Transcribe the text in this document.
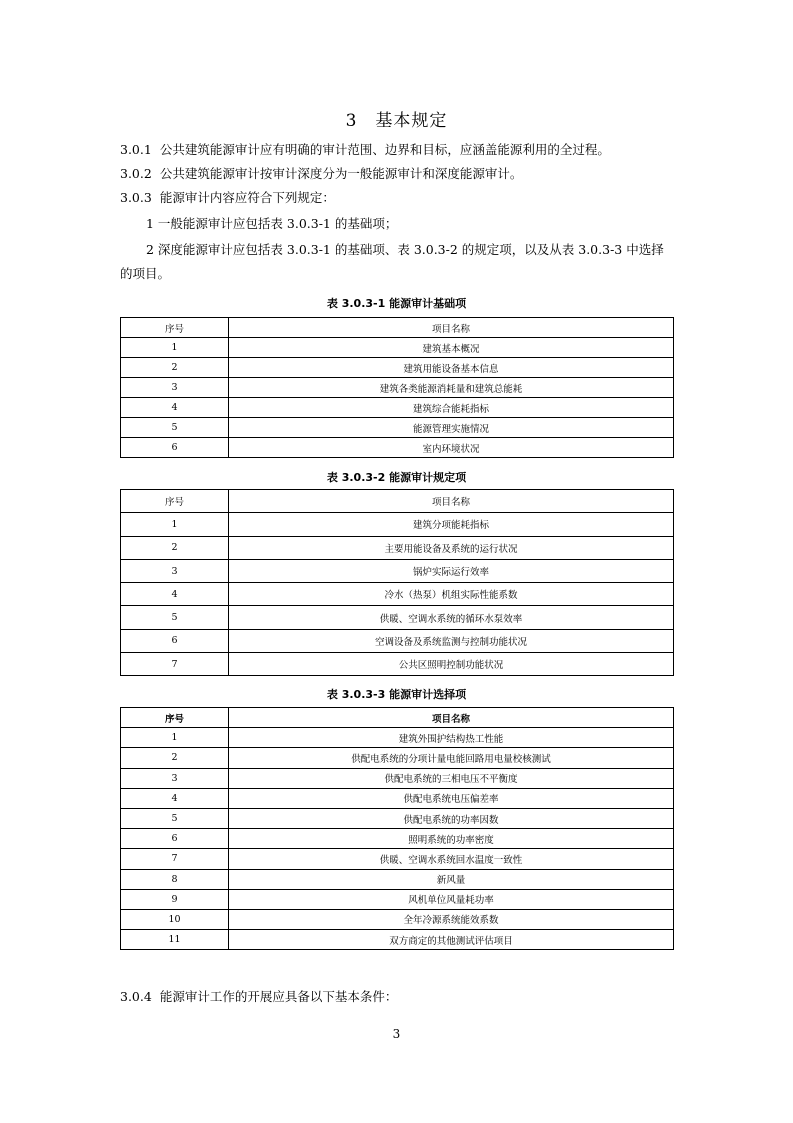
3 基本规定
3.0.1 公共建筑能源审计应有明确的审计范围、边界和目标，应涵盖能源利用的全过程。
3.0.2 公共建筑能源审计按审计深度分为一般能源审计和深度能源审计。
3.0.3 能源审计内容应符合下列规定：
1 一般能源审计应包括表 3.0.3-1 的基础项；
2 深度能源审计应包括表 3.0.3-1 的基础项、表 3.0.3-2 的规定项，以及从表 3.0.3-3 中选择的项目。
表 3.0.3-1 能源审计基础项
序号	项目名称
1	建筑基本概况
2	建筑用能设备基本信息
3	建筑各类能源消耗量和建筑总能耗
4	建筑综合能耗指标
5	能源管理实施情况
6	室内环境状况
表 3.0.3-2 能源审计规定项
序号	项目名称
1	建筑分项能耗指标
2	主要用能设备及系统的运行状况
3	锅炉实际运行效率
4	冷水（热泵）机组实际性能系数
5	供暖、空调水系统的循环水泵效率
6	空调设备及系统监测与控制功能状况
7	公共区照明控制功能状况
表 3.0.3-3 能源审计选择项
序号	项目名称
1	建筑外围护结构热工性能
2	供配电系统的分项计量电能回路用电量校核测试
3	供配电系统的三相电压不平衡度
4	供配电系统电压偏差率
5	供配电系统的功率因数
6	照明系统的功率密度
7	供暖、空调水系统回水温度一致性
8	新风量
9	风机单位风量耗功率
10	全年冷源系统能效系数
11	双方商定的其他测试评估项目
3.0.4 能源审计工作的开展应具备以下基本条件：
3
